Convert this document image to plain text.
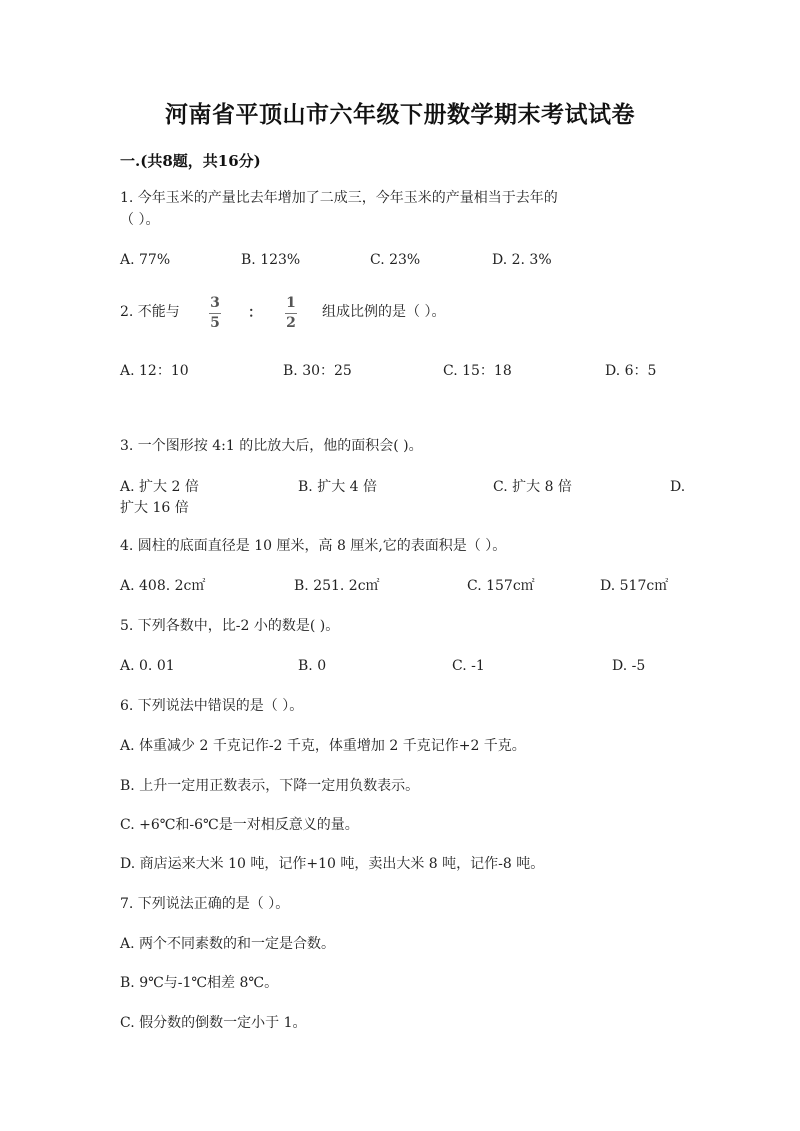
河南省平顶山市六年级下册数学期末考试试卷
一.(共8题，共16分)
1. 今年玉米的产量比去年增加了二成三，今年玉米的产量相当于去年的
（ ）。
A. 77%	B. 123%	C. 23%	D. 2. 3%
2. 不能与
3
5
：
1
2
组成比例的是（ ）。
A. 12：10	B. 30：25	C. 15：18	D. 6：5
3. 一个图形按 4:1 的比放大后，他的面积会( )。
A. 扩大 2 倍	B. 扩大 4 倍	C. 扩大 8 倍	D.
扩大 16 倍
4. 圆柱的底面直径是 10 厘米，高 8 厘米,它的表面积是（ ）。
A. 408. 2c㎡	B. 251. 2c㎡	C. 157c㎡	D. 517c㎡
5. 下列各数中，比-2 小的数是( )。
A. 0. 01	B. 0	C. -1	D. -5
6. 下列说法中错误的是（ ）。
A. 体重减少 2 千克记作-2 千克，体重增加 2 千克记作+2 千克。
B. 上升一定用正数表示，下降一定用负数表示。
C. +6℃和-6℃是一对相反意义的量。
D. 商店运来大米 10 吨，记作+10 吨，卖出大米 8 吨，记作-8 吨。
7. 下列说法正确的是（ ）。
A. 两个不同素数的和一定是合数。
B. 9℃与-1℃相差 8℃。
C. 假分数的倒数一定小于 1。
